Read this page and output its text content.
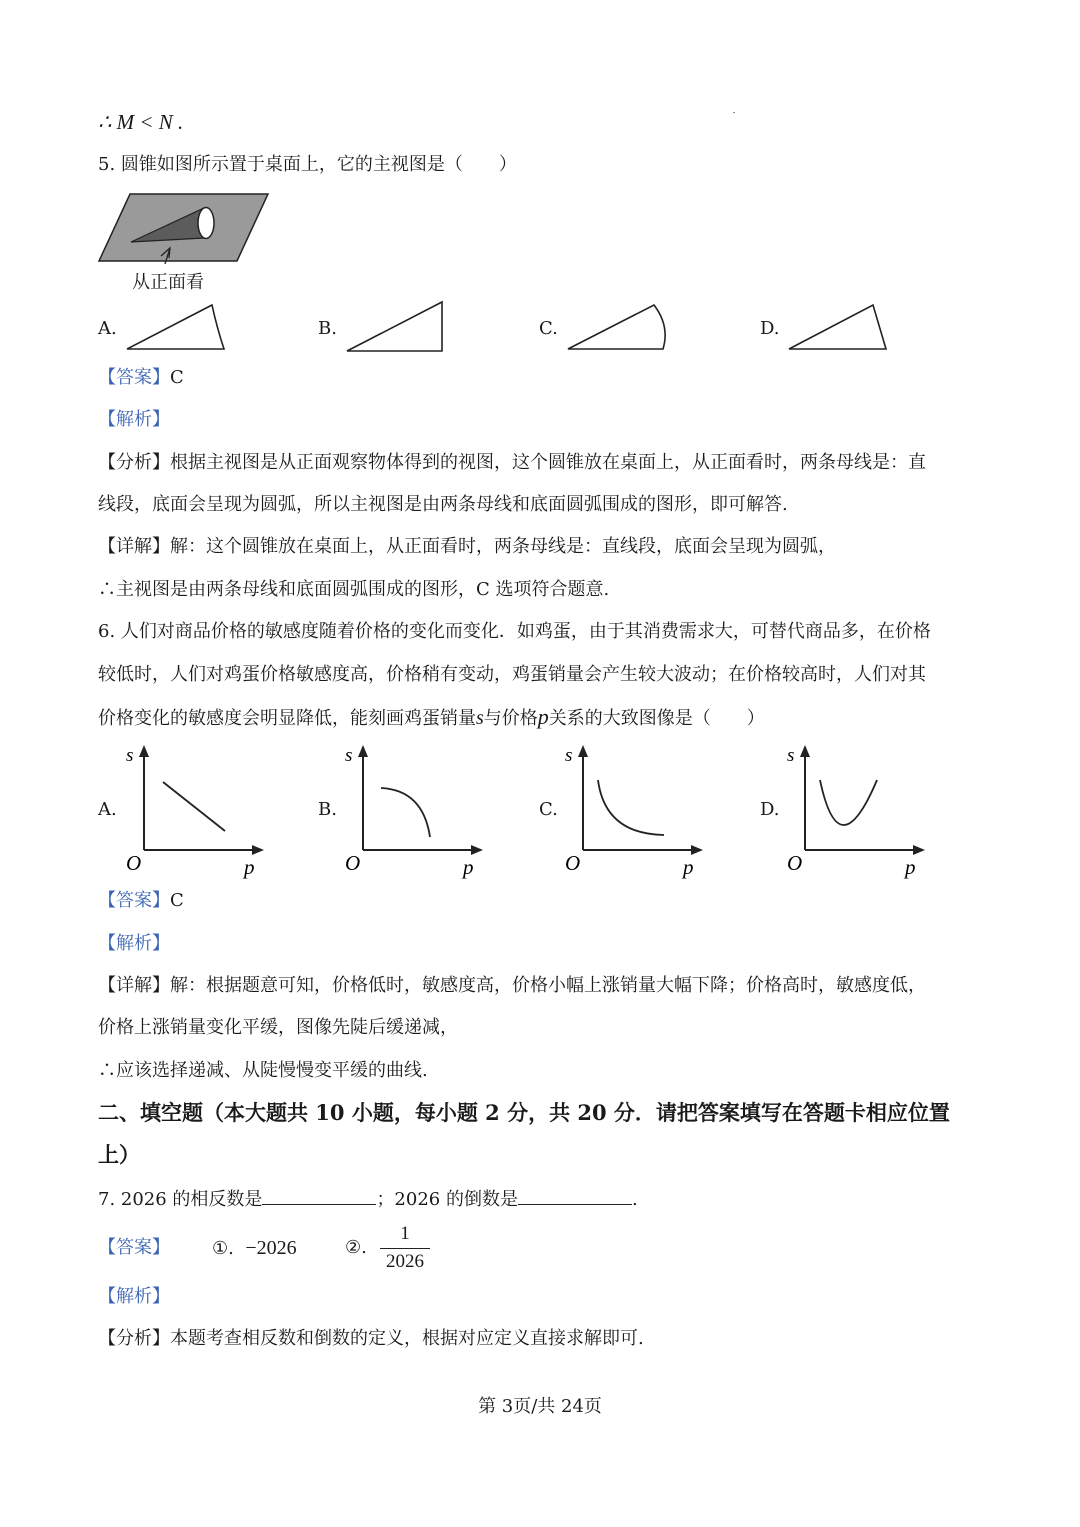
∴ M < N .
5. 圆锥如图所示置于桌面上，它的主视图是（　　）
从正面看
A.	B.	C.	D.
【答案】C
【解析】
【分析】根据主视图是从正面观察物体得到的视图，这个圆锥放在桌面上，从正面看时，两条母线是：直
线段，底面会呈现为圆弧，所以主视图是由两条母线和底面圆弧围成的图形，即可解答.
【详解】解：这个圆锥放在桌面上，从正面看时，两条母线是：直线段，底面会呈现为圆弧，
∴主视图是由两条母线和底面圆弧围成的图形，C 选项符合题意.
6. 人们对商品价格的敏感度随着价格的变化而变化．如鸡蛋，由于其消费需求大，可替代商品多，在价格
较低时，人们对鸡蛋价格敏感度高，价格稍有变动，鸡蛋销量会产生较大波动；在价格较高时，人们对其
价格变化的敏感度会明显降低，能刻画鸡蛋销量s与价格p关系的大致图像是（　　）
A.	B.	C.	D.
s
O	p
s
O	p
s
O	p
s
O	p
【答案】C
【解析】
【详解】解：根据题意可知，价格低时，敏感度高，价格小幅上涨销量大幅下降；价格高时，敏感度低，
价格上涨销量变化平缓，图像先陡后缓递减，
∴应该选择递减、从陡慢慢变平缓的曲线.
二、填空题（本大题共 10 小题，每小题 2 分，共 20 分．请把答案填写在答题卡相应位置
上）
7. 2026 的相反数是	；2026 的倒数是	.
【答案】 ①. −2026	②.
1
2026
【解析】
【分析】本题考查相反数和倒数的定义，根据对应定义直接求解即可.
第 3页/共 24页
